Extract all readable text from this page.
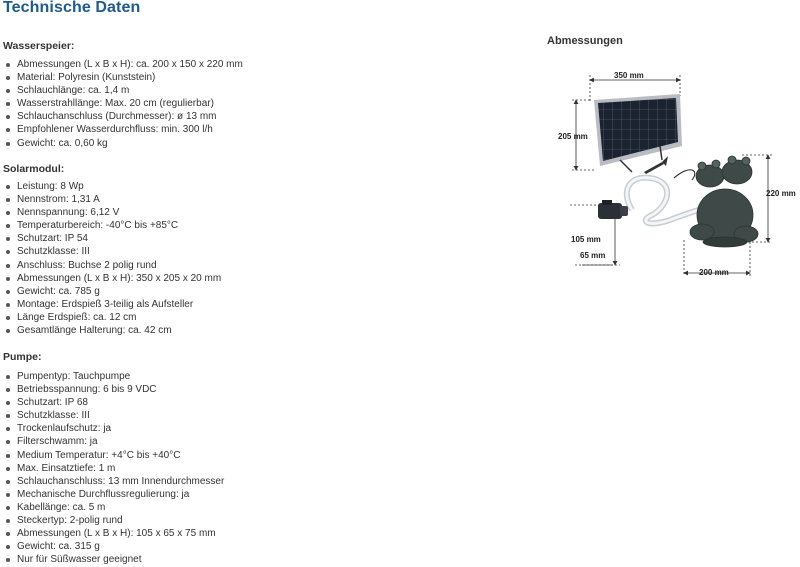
Technische Daten
Wasserspeier:
Abmessungen (L x B x H): ca. 200 x 150 x 220 mm
Material: Polyresin (Kunststein)
Schlauchlänge: ca. 1,4 m
Wasserstrahllänge: Max. 20 cm (regulierbar)
Schlauchanschluss (Durchmesser): ø 13 mm
Empfohlener Wasserdurchfluss: min. 300 l/h
Gewicht: ca. 0,60 kg
Solarmodul:
Leistung: 8 Wp
Nennstrom: 1,31 A
Nennspannung: 6,12 V
Temperaturbereich: -40°C bis +85°C
Schutzart: IP 54
Schutzklasse: III
Anschluss: Buchse 2 polig rund
Abmessungen (L x B x H): 350 x 205 x 20 mm
Gewicht: ca. 785 g
Montage: Erdspieß 3-teilig als Aufsteller
Länge Erdspieß: ca. 12 cm
Gesamtlänge Halterung: ca. 42 cm
Pumpe:
Pumpentyp: Tauchpumpe
Betriebsspannung: 6 bis 9 VDC
Schutzart: IP 68
Schutzklasse: III
Trockenlaufschutz: ja
Filterschwamm: ja
Medium Temperatur: +4°C bis +40°C
Max. Einsatztiefe: 1 m
Schlauchanschluss: 13 mm Innendurchmesser
Mechanische Durchflussregulierung: ja
Kabellänge: ca. 5 m
Steckertyp: 2-polig rund
Abmessungen (L x B x H): 105 x 65 x 75 mm
Gewicht: ca. 315 g
Nur für Süßwasser geeignet
Abmessungen
350 mm
205 mm
220 mm
105 mm
65 mm
200 mm
